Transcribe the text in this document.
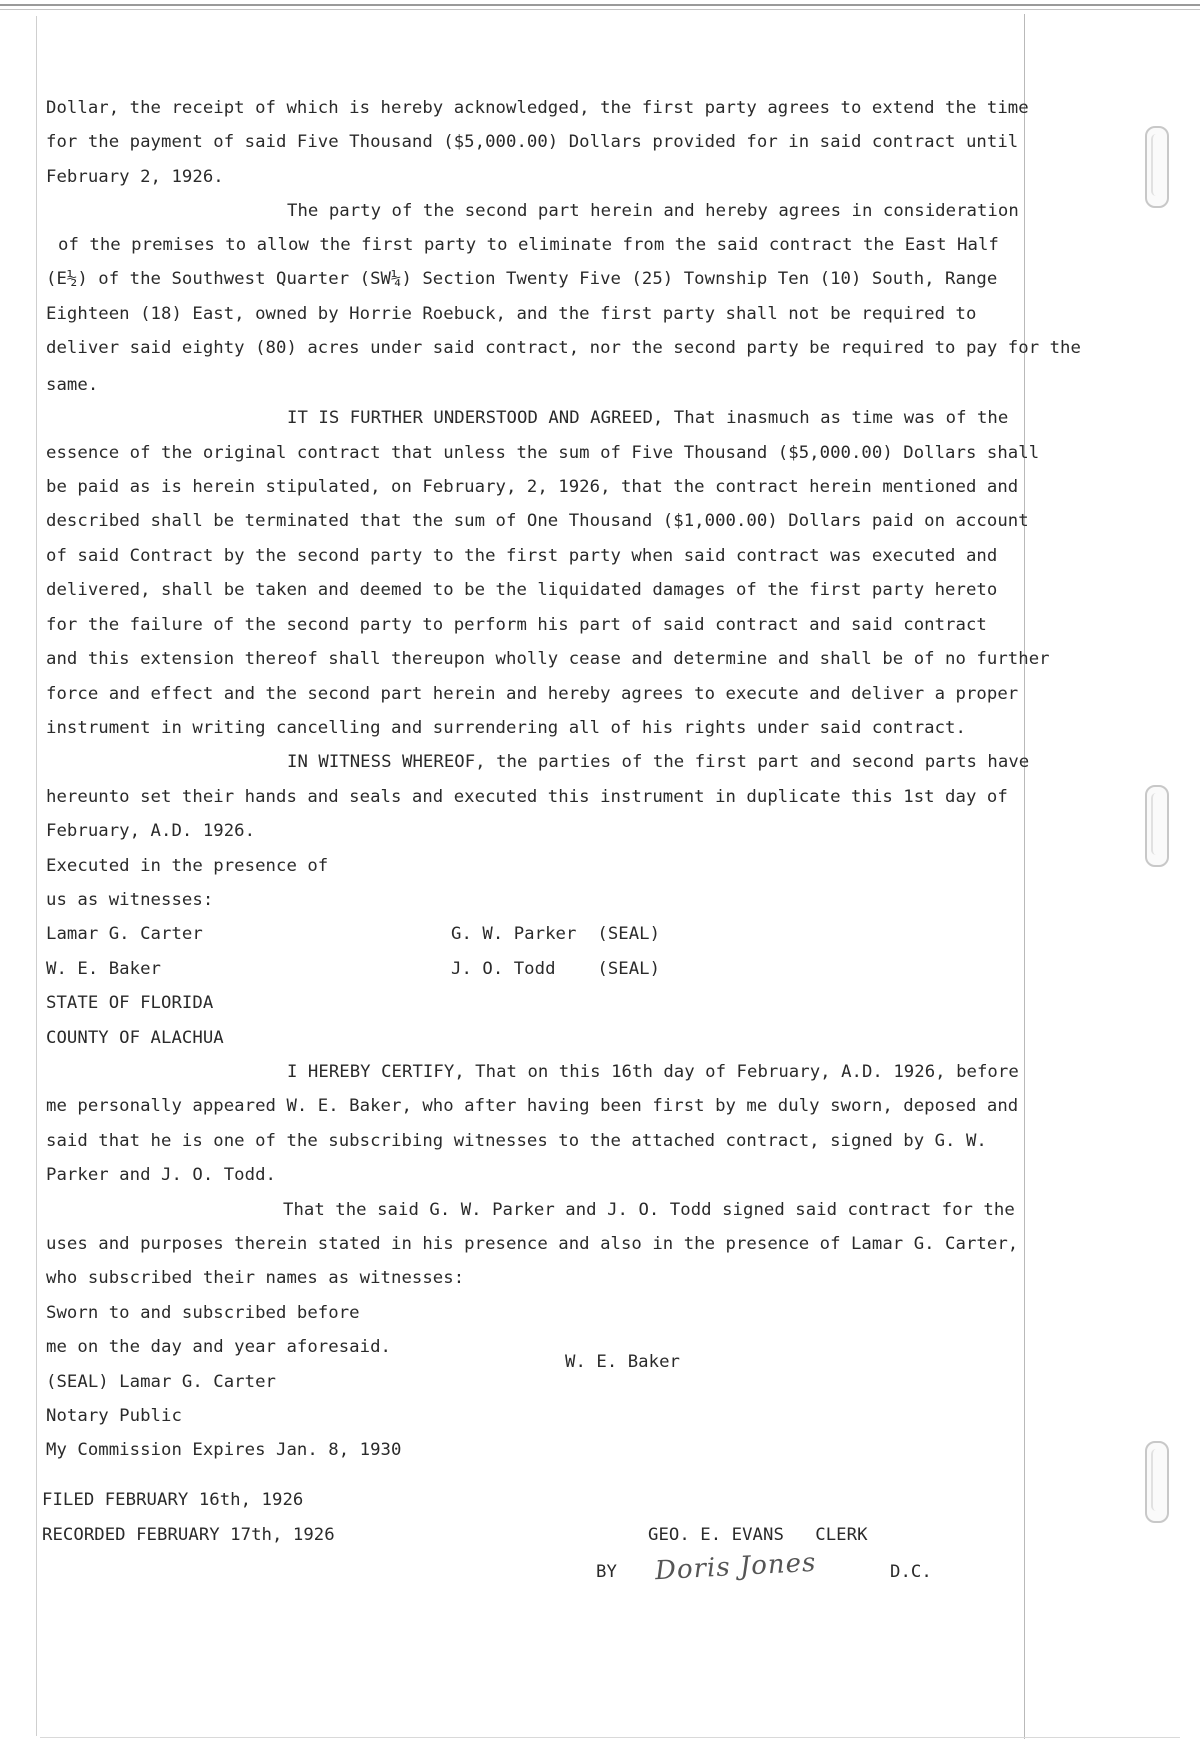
Dollar, the receipt of which is hereby acknowledged, the first party agrees to extend the time
for the payment of said Five Thousand ($5,000.00) Dollars provided for in said contract until
February 2, 1926.
The party of the second part herein and hereby agrees in consideration
of the premises to allow the first party to eliminate from the said contract the East Half
(E½) of the Southwest Quarter (SW¼) Section Twenty Five (25) Township Ten (10) South, Range
Eighteen (18) East, owned by Horrie Roebuck, and the first party shall not be required to
deliver said eighty (80) acres under said contract, nor the second party be required to pay for the
same.
IT IS FURTHER UNDERSTOOD AND AGREED, That inasmuch as time was of the
essence of the original contract that unless the sum of Five Thousand ($5,000.00) Dollars shall
be paid as is herein stipulated, on February, 2, 1926, that the contract herein mentioned and
described shall be terminated that the sum of One Thousand ($1,000.00) Dollars paid on account
of said Contract by the second party to the first party when said contract was executed and
delivered, shall be taken and deemed to be the liquidated damages of the first party hereto
for the failure of the second party to perform his part of said contract and said contract
and this extension thereof shall thereupon wholly cease and determine and shall be of no further
force and effect and the second part herein and hereby agrees to execute and deliver a proper
instrument in writing cancelling and surrendering all of his rights under said contract.
IN WITNESS WHEREOF, the parties of the first part and second parts have
hereunto set their hands and seals and executed this instrument in duplicate this 1st day of
February, A.D. 1926.
Executed in the presence of
us as witnesses:
Lamar G. Carter	G. W. Parker  (SEAL)
W. E. Baker	J. O. Todd    (SEAL)
STATE OF FLORIDA
COUNTY OF ALACHUA
I HEREBY CERTIFY, That on this 16th day of February, A.D. 1926, before
me personally appeared W. E. Baker, who after having been first by me duly sworn, deposed and
said that he is one of the subscribing witnesses to the attached contract, signed by G. W.
Parker and J. O. Todd.
That the said G. W. Parker and J. O. Todd signed said contract for the
uses and purposes therein stated in his presence and also in the presence of Lamar G. Carter,
who subscribed their names as witnesses:
Sworn to and subscribed before
me on the day and year aforesaid.
W. E. Baker
(SEAL) Lamar G. Carter
Notary Public
My Commission Expires Jan. 8, 1930
FILED FEBRUARY 16th, 1926
RECORDED FEBRUARY 17th, 1926	GEO. E. EVANS   CLERK
BY Doris Jones	D.C.
